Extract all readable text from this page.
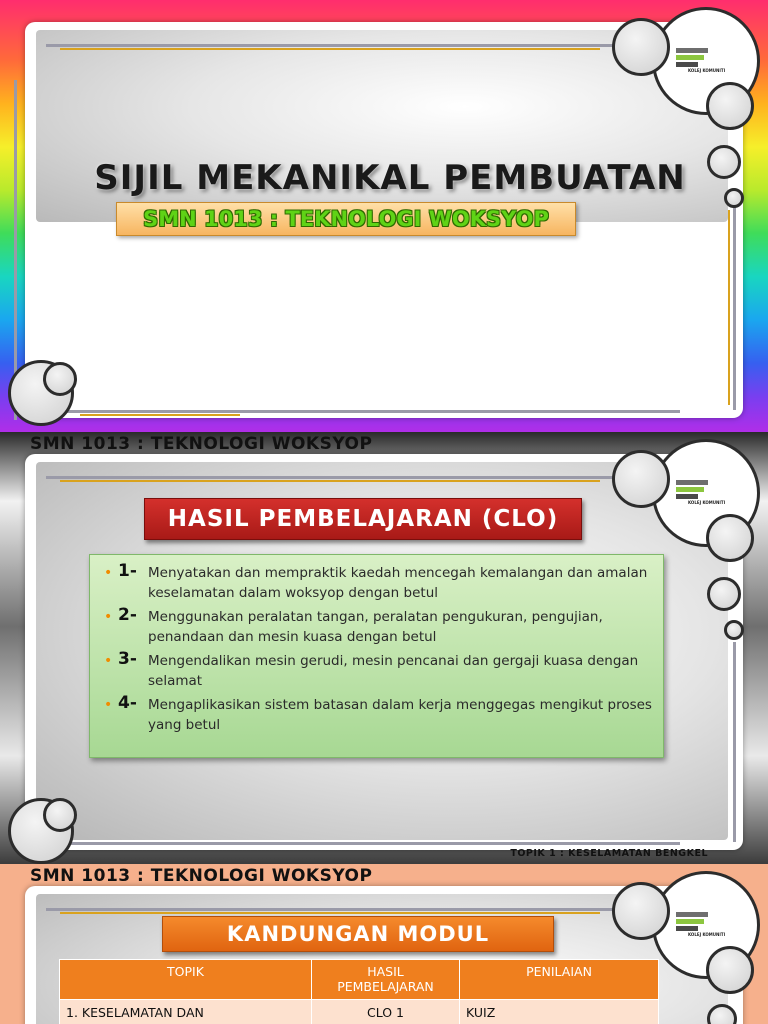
KOLEJ KOMUNITI
SIJIL MEKANIKAL PEMBUATAN
SMN 1013 : TEKNOLOGI WOKSYOP
SMN 1013 : TEKNOLOGI WOKSYOP
KOLEJ KOMUNITI
HASIL PEMBELAJARAN (CLO)
• 1- Menyatakan dan mempraktik kaedah mencegah kemalangan dan amalan keselamatan dalam woksyop dengan betul
• 2- Menggunakan peralatan tangan, peralatan pengukuran, pengujian, penandaan dan mesin kuasa dengan betul
• 3- Mengendalikan mesin gerudi, mesin pencanai dan gergaji kuasa dengan selamat
• 4- Mengaplikasikan sistem batasan dalam kerja menggegas mengikut proses yang betul
TOPIK 1 : KESELAMATAN BENGKEL
SMN 1013 : TEKNOLOGI WOKSYOP
KOLEJ KOMUNITI
KANDUNGAN MODUL
TOPIK	HASIL PEMBELAJARAN	PENILAIAN
1. KESELAMATAN DAN	CLO 1	KUIZ
